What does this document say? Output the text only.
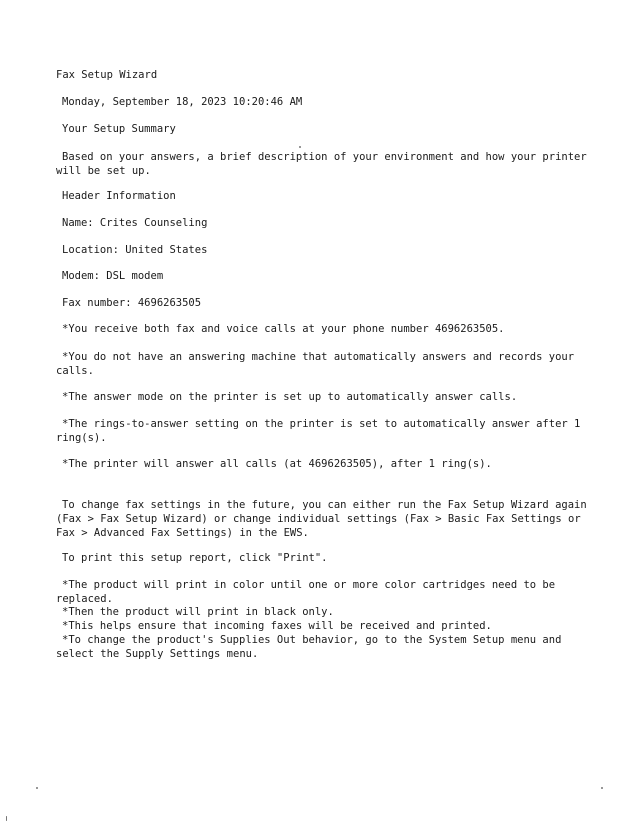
Fax Setup Wizard

Monday, September 18, 2023 10:20:46 AM

Your Setup Summary

Based on your answers, a brief description of your environment and how your printer

will be set up.

Header Information

Name: Crites Counseling

Location: United States

Modem: DSL modem

Fax number: 4696263505

*You receive both fax and voice calls at your phone number 4696263505.

*You do not have an answering machine that automatically answers and records your

calls.

*The answer mode on the printer is set up to automatically answer calls.

*The rings-to-answer setting on the printer is set to automatically answer after 1

ring(s).

*The printer will answer all calls (at 4696263505), after 1 ring(s).

To change fax settings in the future, you can either run the Fax Setup Wizard again

(Fax > Fax Setup Wizard) or change individual settings (Fax > Basic Fax Settings or

Fax > Advanced Fax Settings) in the EWS.

To print this setup report, click "Print".

*The product will print in color until one or more color cartridges need to be

replaced.

*Then the product will print in black only.

*This helps ensure that incoming faxes will be received and printed.

*To change the product's Supplies Out behavior, go to the System Setup menu and

select the Supply Settings menu.
